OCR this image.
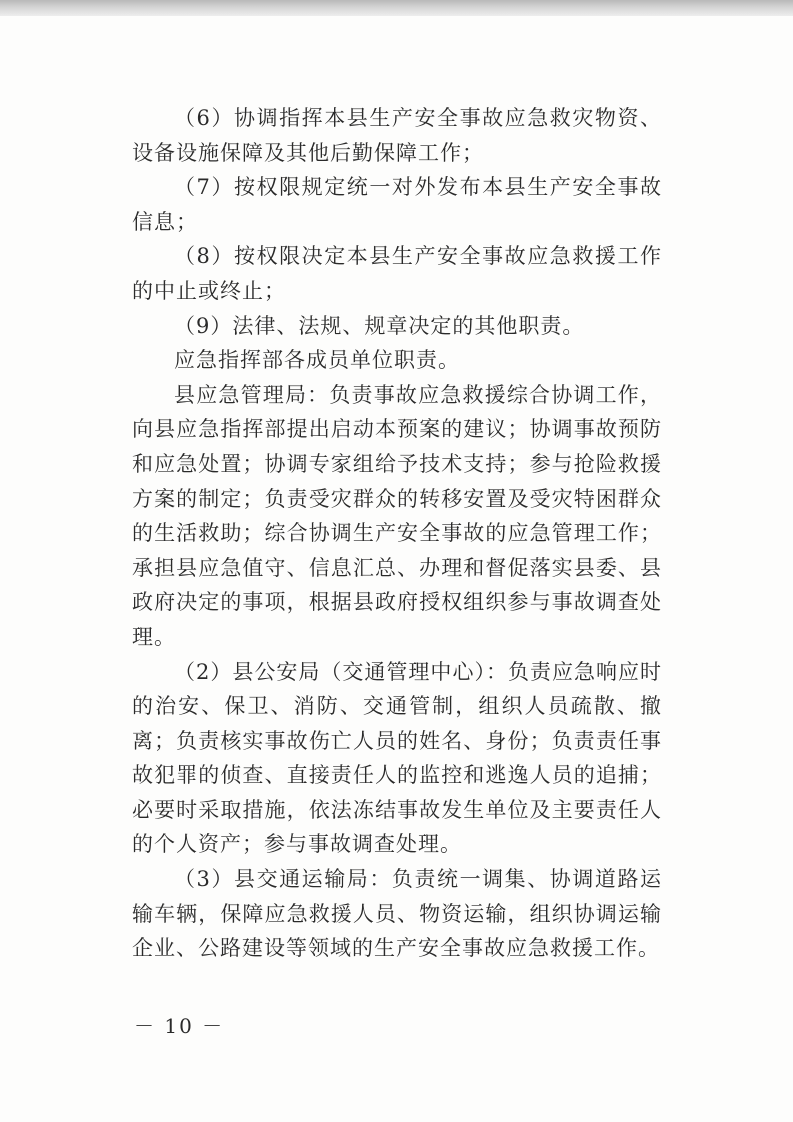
（6）协调指挥本县生产安全事故应急救灾物资、设备设施保障及其他后勤保障工作；

（7）按权限规定统一对外发布本县生产安全事故信息；

（8）按权限决定本县生产安全事故应急救援工作的中止或终止；

（9）法律、法规、规章决定的其他职责。

应急指挥部各成员单位职责。

县应急管理局：负责事故应急救援综合协调工作，向县应急指挥部提出启动本预案的建议；协调事故预防和应急处置；协调专家组给予技术支持；参与抢险救援方案的制定；负责受灾群众的转移安置及受灾特困群众的生活救助；综合协调生产安全事故的应急管理工作；承担县应急值守、信息汇总、办理和督促落实县委、县政府决定的事项，根据县政府授权组织参与事故调查处理。

（2）县公安局（交通管理中心）：负责应急响应时的治安、保卫、消防、交通管制，组织人员疏散、撤离；负责核实事故伤亡人员的姓名、身份；负责责任事故犯罪的侦查、直接责任人的监控和逃逸人员的追捕；必要时采取措施，依法冻结事故发生单位及主要责任人的个人资产；参与事故调查处理。

（3）县交通运输局：负责统一调集、协调道路运输车辆，保障应急救援人员、物资运输，组织协调运输企业、公路建设等领域的生产安全事故应急救援工作。

－ 10 －
